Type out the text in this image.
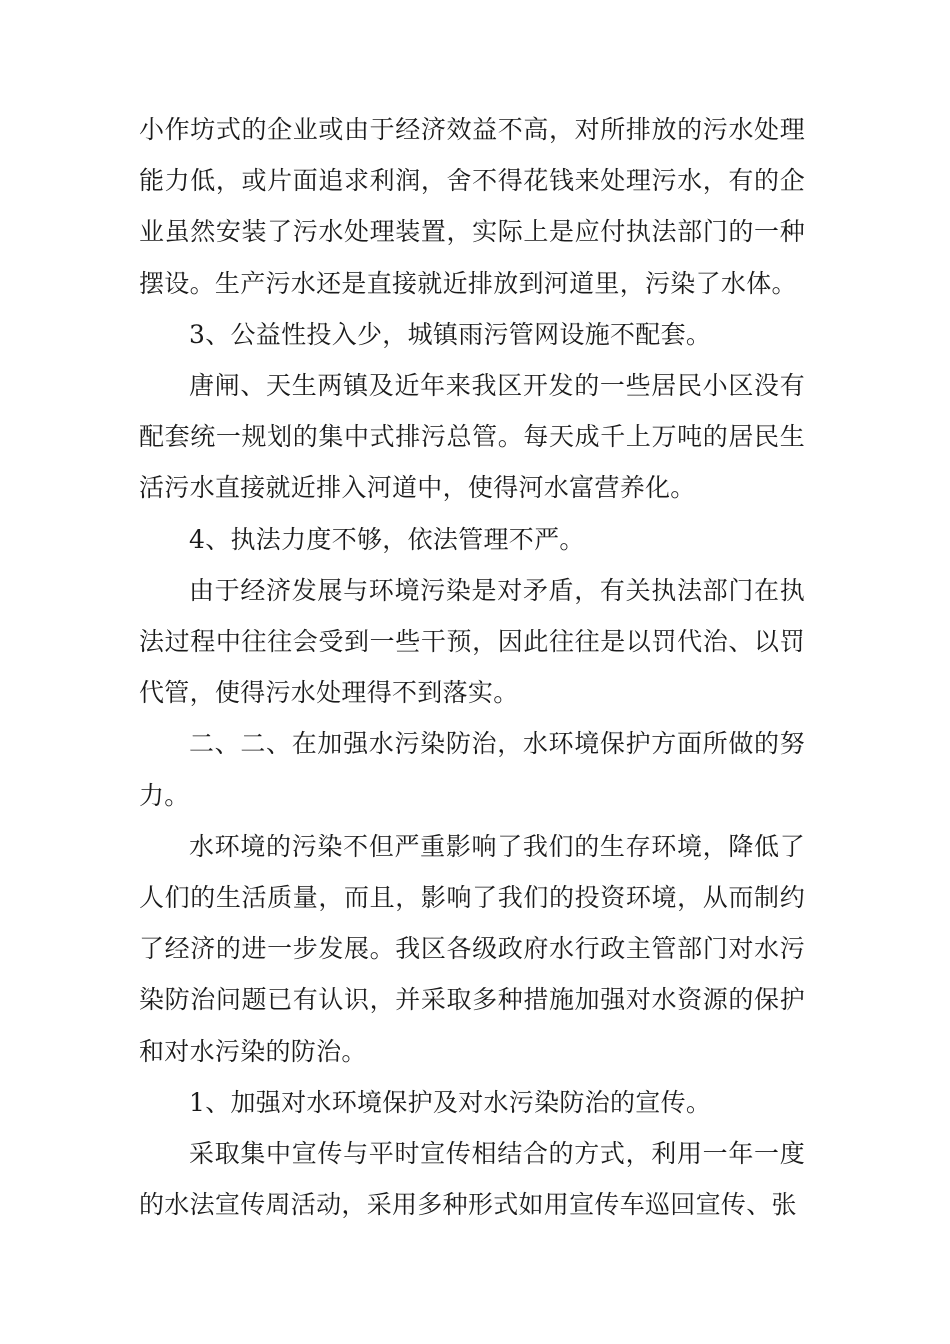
小作坊式的企业或由于经济效益不高，对所排放的污水处理能力低，或片面追求利润，舍不得花钱来处理污水，有的企业虽然安装了污水处理装置，实际上是应付执法部门的一种摆设。生产污水还是直接就近排放到河道里，污染了水体。

3、公益性投入少，城镇雨污管网设施不配套。

唐闸、天生两镇及近年来我区开发的一些居民小区没有配套统一规划的集中式排污总管。每天成千上万吨的居民生活污水直接就近排入河道中，使得河水富营养化。

4、执法力度不够，依法管理不严。

由于经济发展与环境污染是对矛盾，有关执法部门在执法过程中往往会受到一些干预，因此往往是以罚代治、以罚代管，使得污水处理得不到落实。

二、二、在加强水污染防治，水环境保护方面所做的努力。

水环境的污染不但严重影响了我们的生存环境，降低了人们的生活质量，而且，影响了我们的投资环境，从而制约了经济的进一步发展。我区各级政府水行政主管部门对水污染防治问题已有认识，并采取多种措施加强对水资源的保护和对水污染的防治。

1、加强对水环境保护及对水污染防治的宣传。

采取集中宣传与平时宣传相结合的方式，利用一年一度的水法宣传周活动，采用多种形式如用宣传车巡回宣传、张
